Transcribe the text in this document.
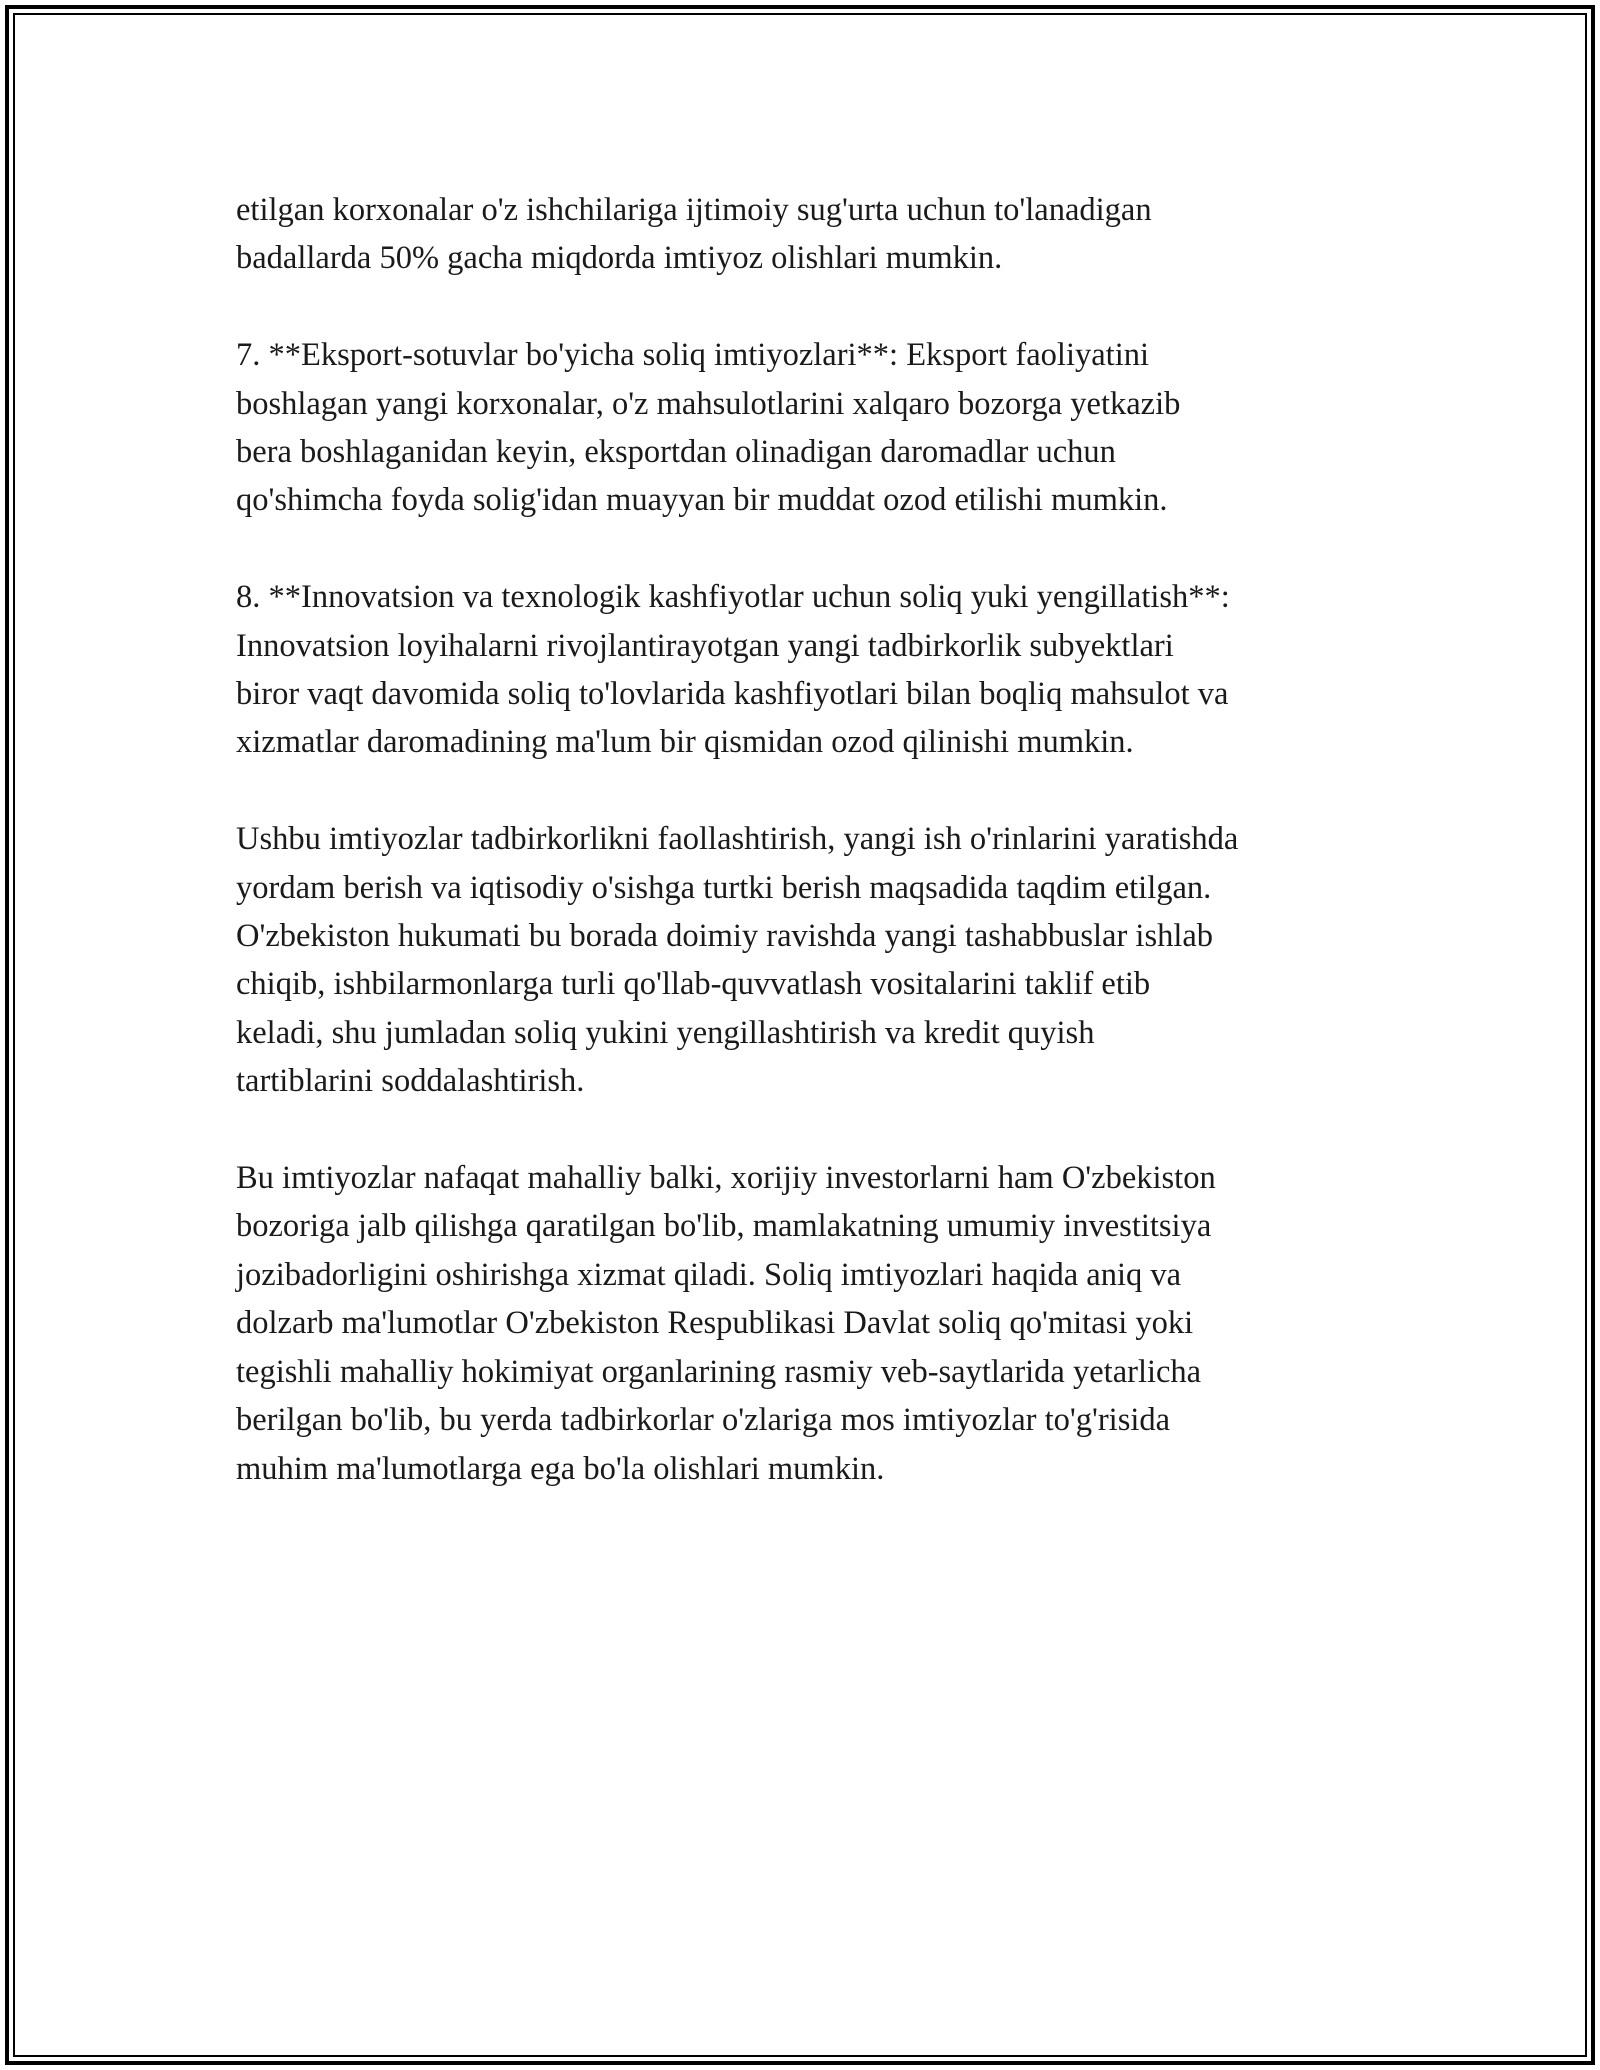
etilgan korxonalar o'z ishchilariga ijtimoiy sug'urta uchun to'lanadigan
badallarda 50% gacha miqdorda imtiyoz olishlari mumkin.

7. **Eksport-sotuvlar bo'yicha soliq imtiyozlari**: Eksport faoliyatini
boshlagan yangi korxonalar, o'z mahsulotlarini xalqaro bozorga yetkazib
bera boshlaganidan keyin, eksportdan olinadigan daromadlar uchun
qo'shimcha foyda solig'idan muayyan bir muddat ozod etilishi mumkin.

8. **Innovatsion va texnologik kashfiyotlar uchun soliq yuki yengillatish**:
Innovatsion loyihalarni rivojlantirayotgan yangi tadbirkorlik subyektlari
biror vaqt davomida soliq to'lovlarida kashfiyotlari bilan boqliq mahsulot va
xizmatlar daromadining ma'lum bir qismidan ozod qilinishi mumkin.

Ushbu imtiyozlar tadbirkorlikni faollashtirish, yangi ish o'rinlarini yaratishda
yordam berish va iqtisodiy o'sishga turtki berish maqsadida taqdim etilgan.
O'zbekiston hukumati bu borada doimiy ravishda yangi tashabbuslar ishlab
chiqib, ishbilarmonlarga turli qo'llab-quvvatlash vositalarini taklif etib
keladi, shu jumladan soliq yukini yengillashtirish va kredit quyish
tartiblarini soddalashtirish.

Bu imtiyozlar nafaqat mahalliy balki, xorijiy investorlarni ham O'zbekiston
bozoriga jalb qilishga qaratilgan bo'lib, mamlakatning umumiy investitsiya
jozibadorligini oshirishga xizmat qiladi. Soliq imtiyozlari haqida aniq va
dolzarb ma'lumotlar O'zbekiston Respublikasi Davlat soliq qo'mitasi yoki
tegishli mahalliy hokimiyat organlarining rasmiy veb-saytlarida yetarlicha
berilgan bo'lib, bu yerda tadbirkorlar o'zlariga mos imtiyozlar to'g'risida
muhim ma'lumotlarga ega bo'la olishlari mumkin.
